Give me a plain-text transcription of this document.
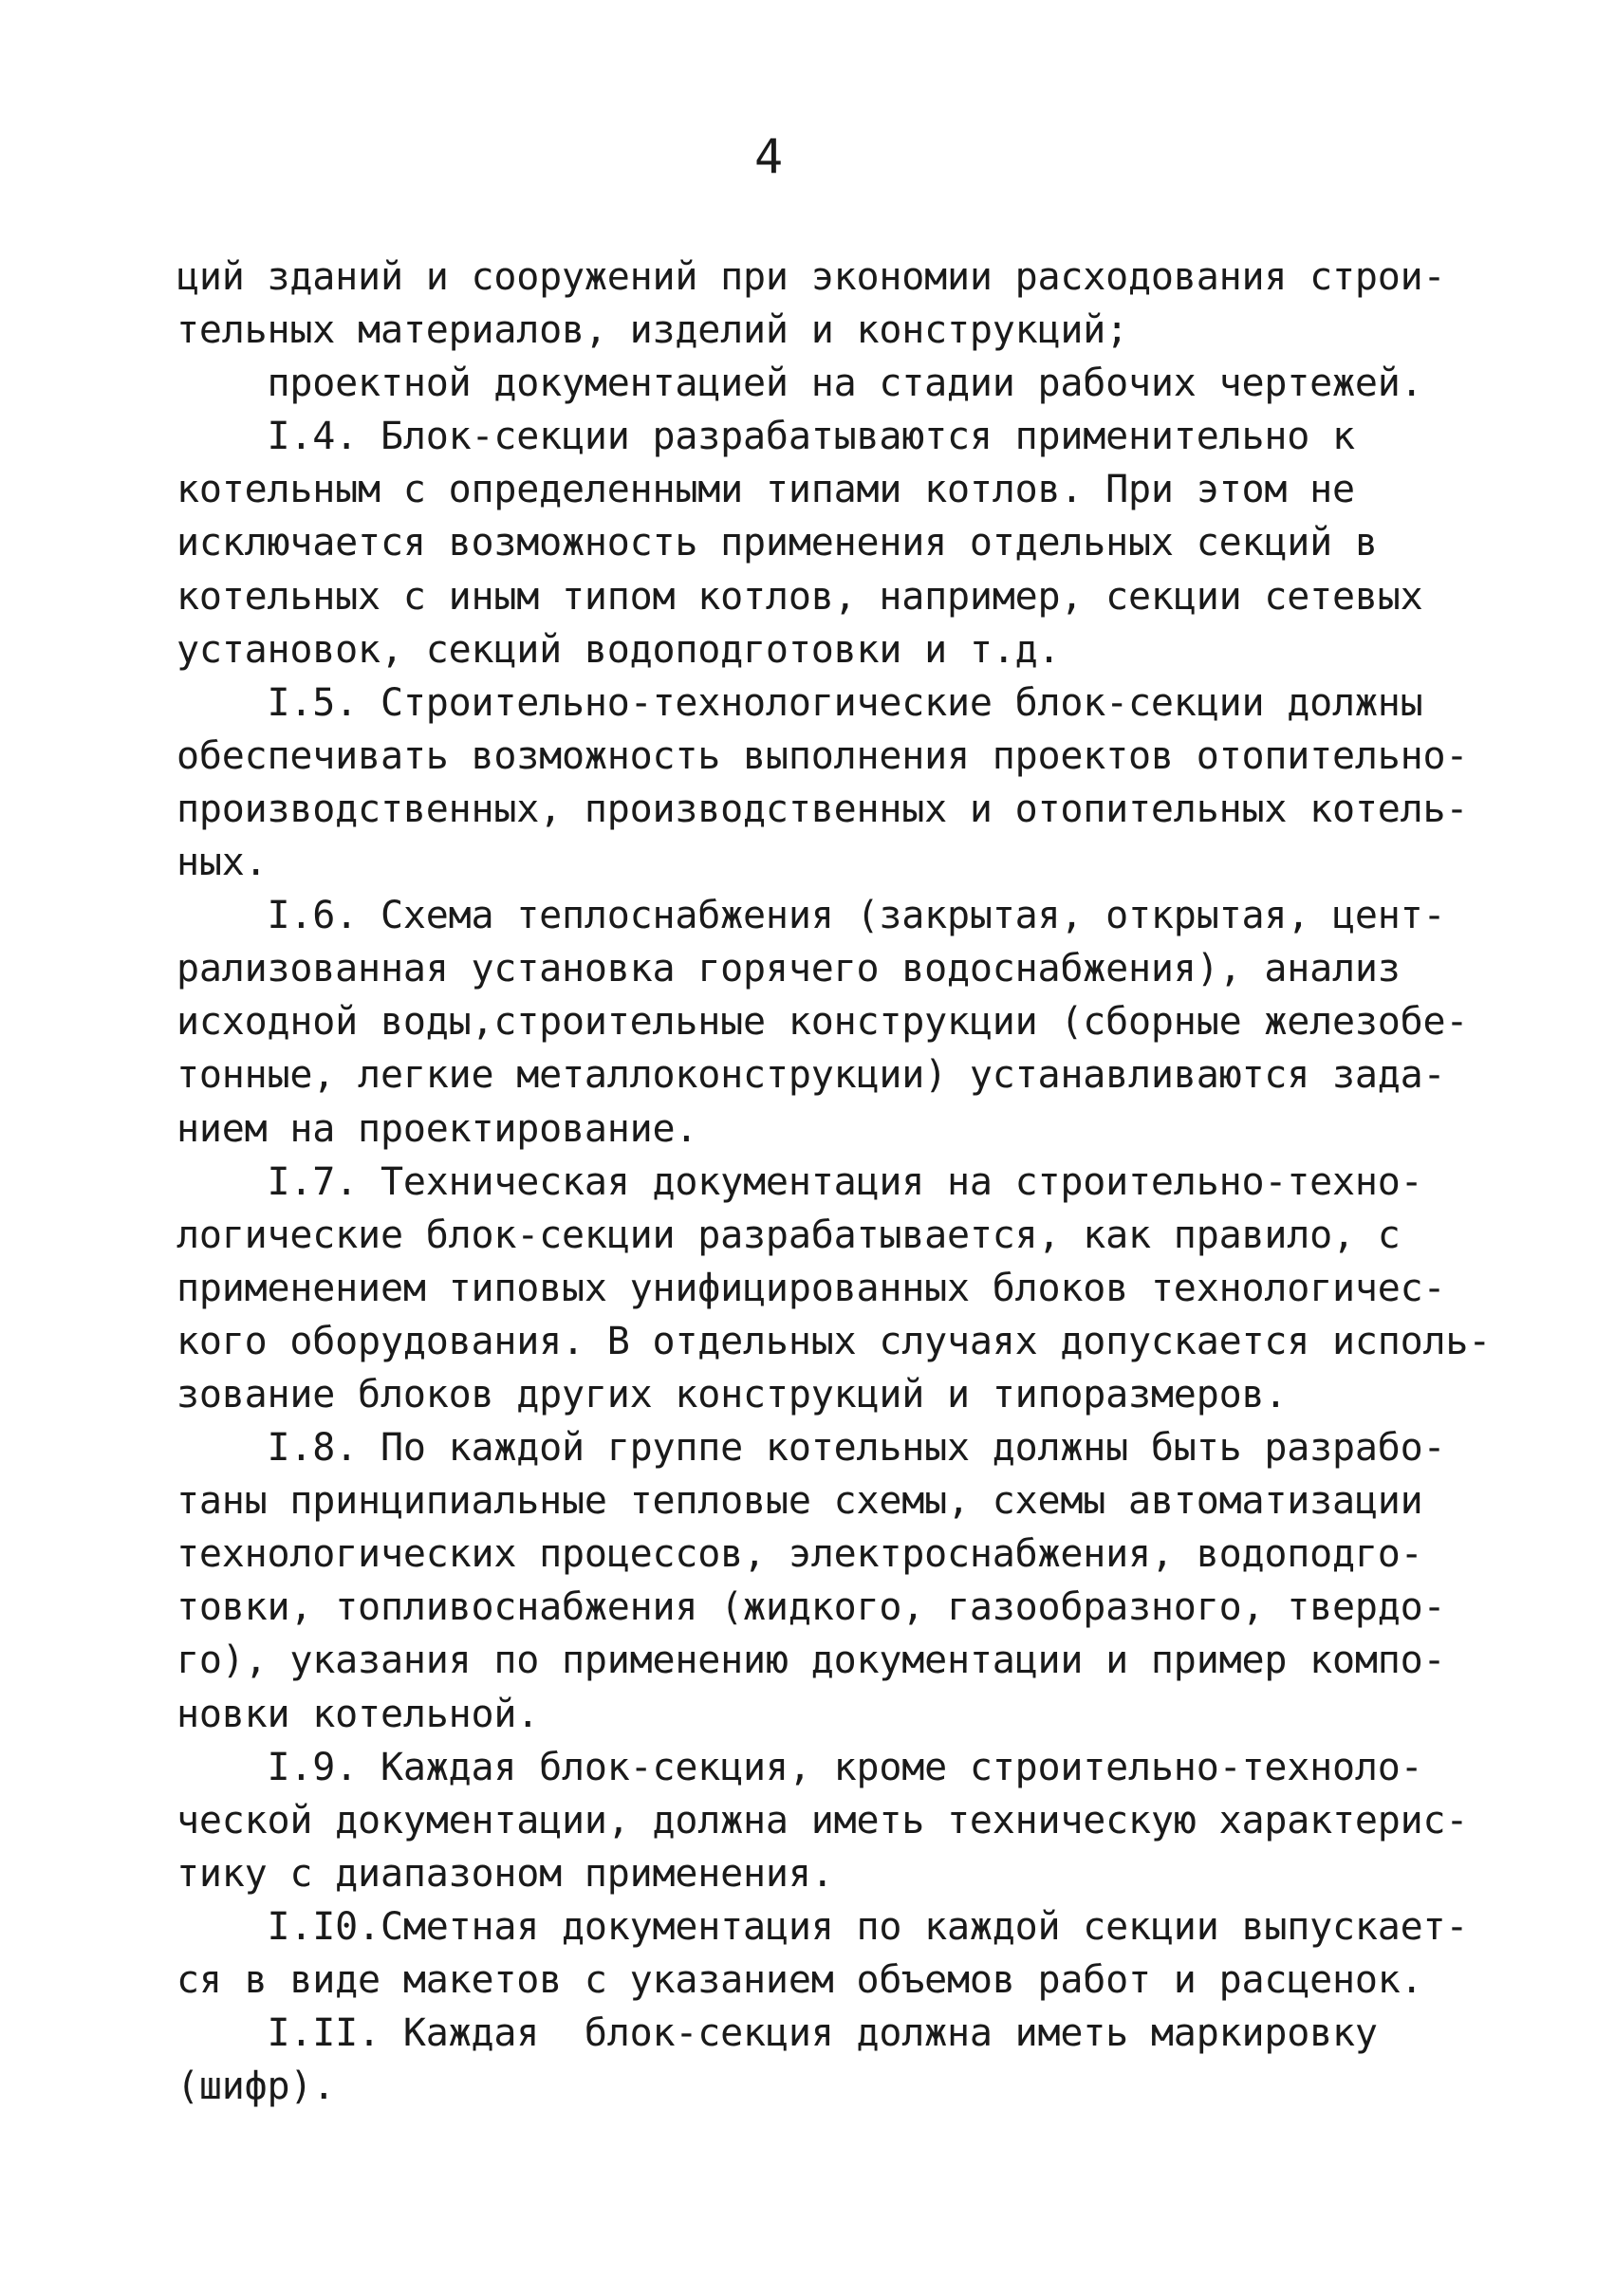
4
ций зданий и сооружений при экономии расходования строи-
тельных материалов, изделий и конструкций;
проектной документацией на стадии рабочих чертежей.
I.4. Блок-секции разрабатываются применительно к
котельным с определенными типами котлов. При этом не
исключается возможность применения отдельных секций в
котельных с иным типом котлов, например, секции сетевых
установок, секций водоподготовки и т.д.
I.5. Строительно-технологические блок-секции должны
обеспечивать возможность выполнения проектов отопительно-
производственных, производственных и отопительных котель-
ных.
I.6. Схема теплоснабжения (закрытая, открытая, цент-
рализованная установка горячего водоснабжения), анализ
исходной воды,строительные конструкции (сборные железобе-
тонные, легкие металлоконструкции) устанавливаются зада-
нием на проектирование.
I.7. Техническая документация на строительно-техно-
логические блок-секции разрабатывается, как правило, с
применением типовых унифицированных блоков технологичес-
кого оборудования. В отдельных случаях допускается исполь-
зование блоков других конструкций и типоразмеров.
I.8. По каждой группе котельных должны быть разрабо-
таны принципиальные тепловые схемы, схемы автоматизации
технологических процессов, электроснабжения, водоподго-
товки, топливоснабжения (жидкого, газообразного, твердо-
го), указания по применению документации и пример компо-
новки котельной.
I.9. Каждая блок-секция, кроме строительно-техноло-
ческой документации, должна иметь техническую характерис-
тику с диапазоном применения.
I.I0.Сметная документация по каждой секции выпускает-
ся в виде макетов с указанием объемов работ и расценок.
I.II. Каждая  блок-секция должна иметь маркировку
(шифр).
